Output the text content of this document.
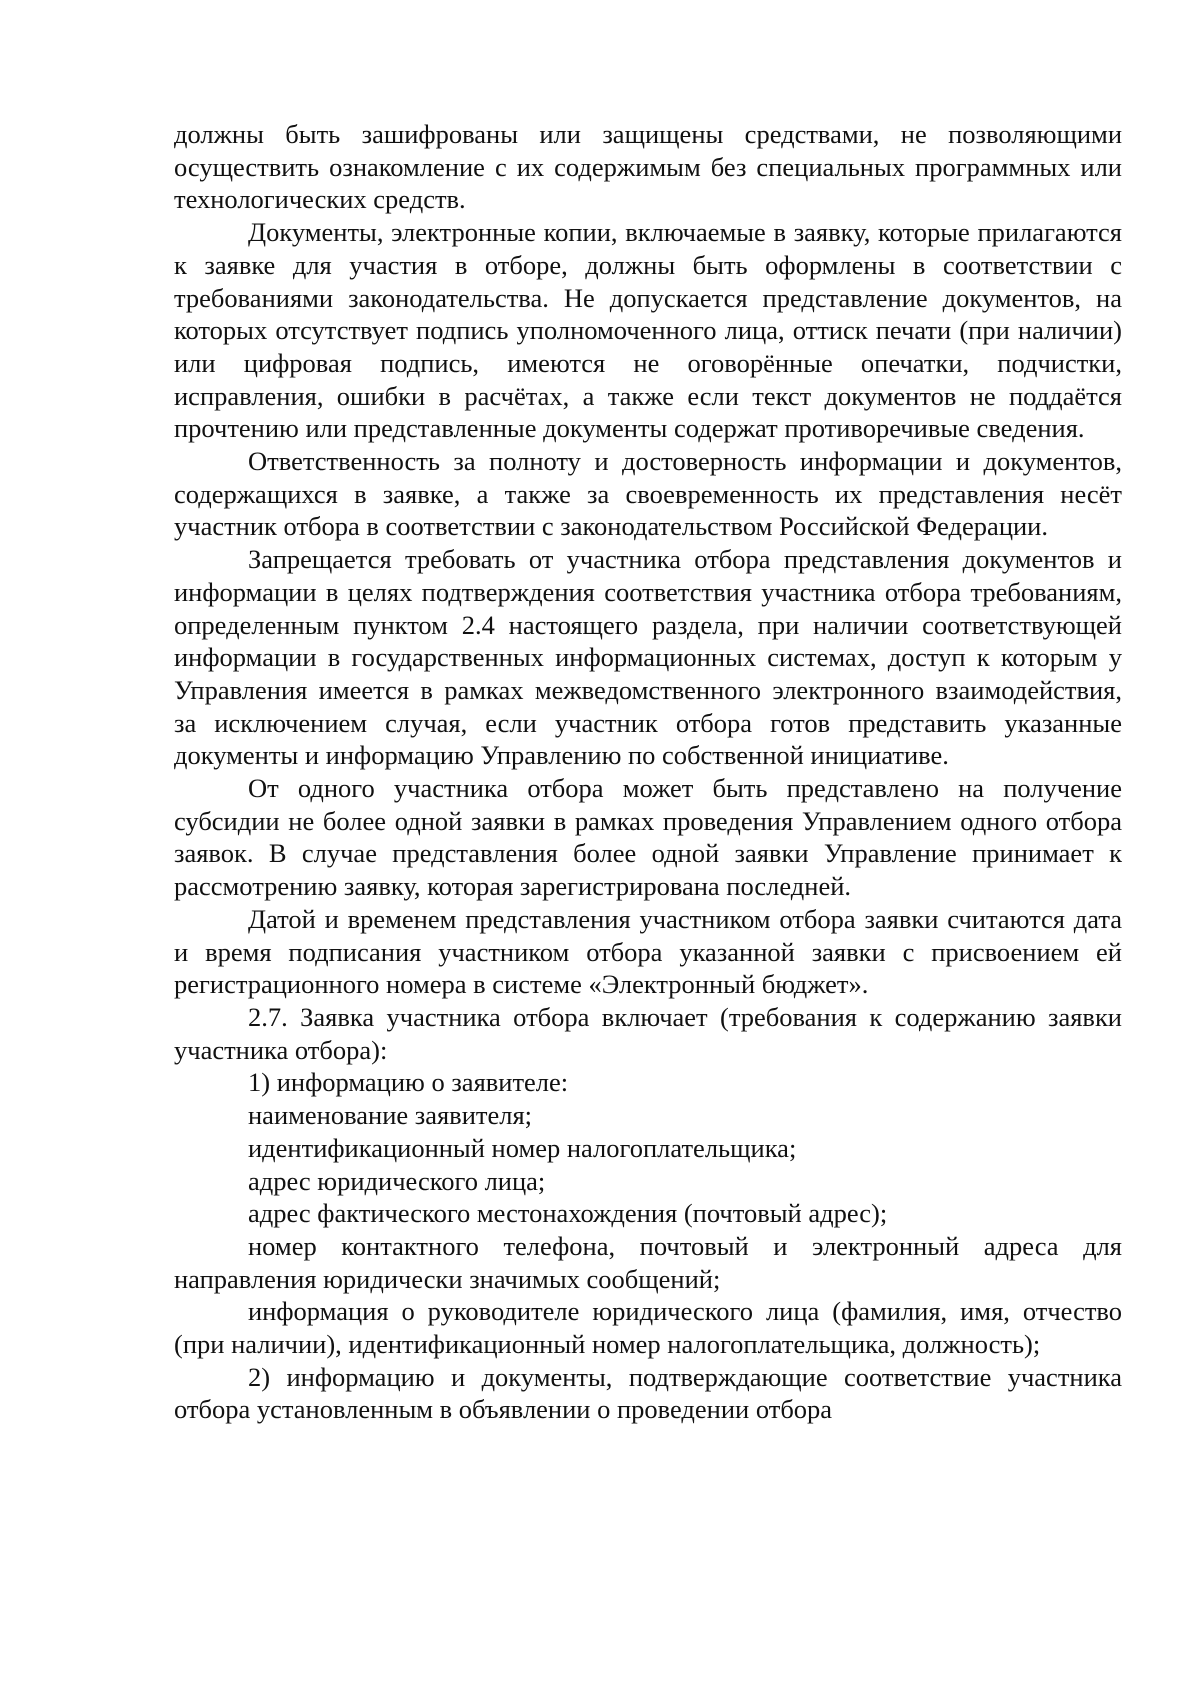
должны быть зашифрованы или защищены средствами, не позволяющими осуществить ознакомление с их содержимым без специальных программных или технологических средств.

Документы, электронные копии, включаемые в заявку, которые прилагаются к заявке для участия в отборе, должны быть оформлены в соответствии с требованиями законодательства. Не допускается представление документов, на которых отсутствует подпись уполномоченного лица, оттиск печати (при наличии) или цифровая подпись, имеются не оговорённые опечатки, подчистки, исправления, ошибки в расчётах, а также если текст документов не поддаётся прочтению или представленные документы содержат противоречивые сведения.

Ответственность за полноту и достоверность информации и документов, содержащихся в заявке, а также за своевременность их представления несёт участник отбора в соответствии с законодательством Российской Федерации.

Запрещается требовать от участника отбора представления документов и информации в целях подтверждения соответствия участника отбора требованиям, определенным пунктом 2.4 настоящего раздела, при наличии соответствующей информации в государственных информационных системах, доступ к которым у Управления имеется в рамках межведомственного электронного взаимодействия, за исключением случая, если участник отбора готов представить указанные документы и информацию Управлению по собственной инициативе.

От одного участника отбора может быть представлено на получение субсидии не более одной заявки в рамках проведения Управлением одного отбора заявок. В случае представления более одной заявки Управление принимает к рассмотрению заявку, которая зарегистрирована последней.

Датой и временем представления участником отбора заявки считаются дата и время подписания участником отбора указанной заявки с присвоением ей регистрационного номера в системе «Электронный бюджет».

2.7. Заявка участника отбора включает (требования к содержанию заявки участника отбора):

1) информацию о заявителе:

наименование заявителя;

идентификационный номер налогоплательщика;

адрес юридического лица;

адрес фактического местонахождения (почтовый адрес);

номер контактного телефона, почтовый и электронный адреса для направления юридически значимых сообщений;

информация о руководителе юридического лица (фамилия, имя, отчество (при наличии), идентификационный номер налогоплательщика, должность);

2) информацию и документы, подтверждающие соответствие участника отбора установленным в объявлении о проведении отбора
